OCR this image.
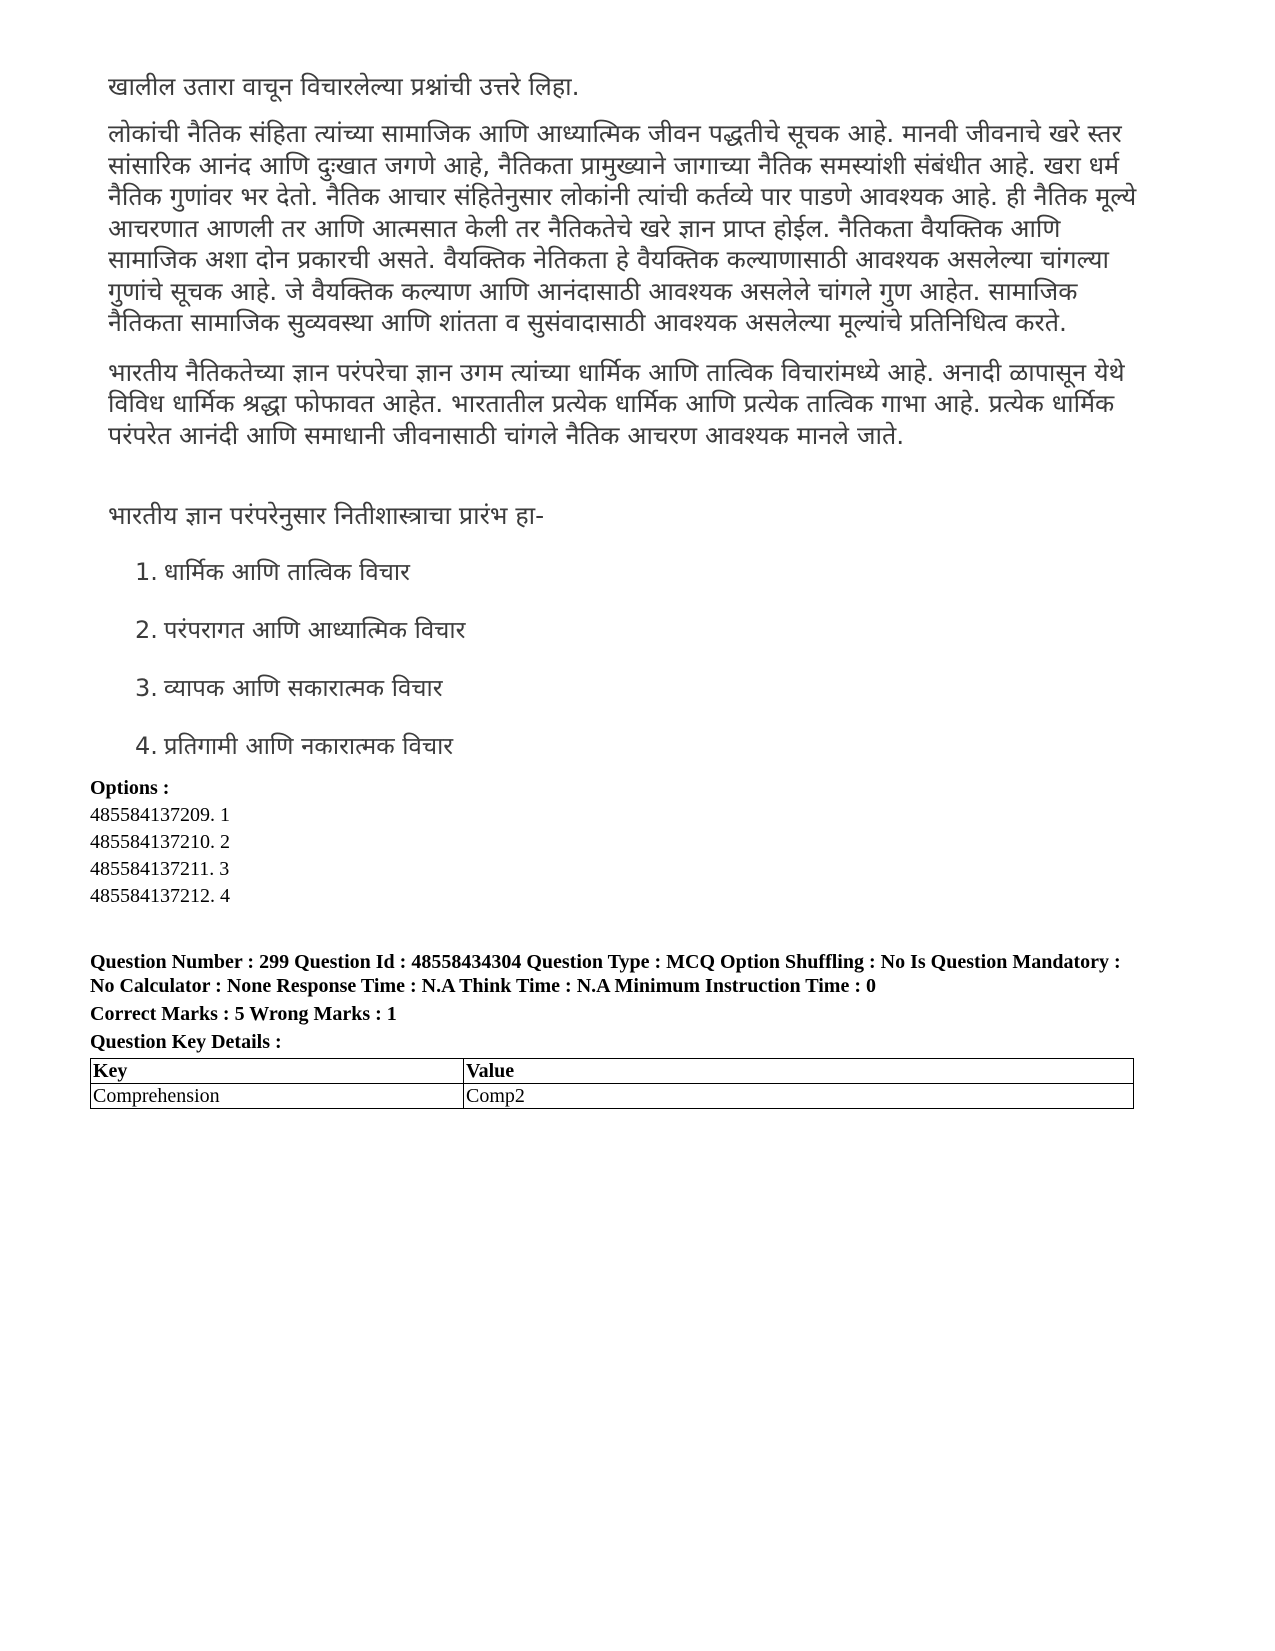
खालील उतारा वाचून विचारलेल्या प्रश्नांची उत्तरे लिहा.

लोकांची नैतिक संहिता त्यांच्या सामाजिक आणि आध्यात्मिक जीवन पद्धतीचे सूचक आहे. मानवी जीवनाचे खरे स्तर सांसारिक आनंद आणि दुःखात जगणे आहे, नैतिकता प्रामुख्याने जागाच्या नैतिक समस्यांशी संबंधीत आहे. खरा धर्म नैतिक गुणांवर भर देतो. नैतिक आचार संहितेनुसार लोकांनी त्यांची कर्तव्ये पार पाडणे आवश्यक आहे. ही नैतिक मूल्ये आचरणात आणली तर आणि आत्मसात केली तर नैतिकतेचे खरे ज्ञान प्राप्त होईल. नैतिकता वैयक्तिक आणि सामाजिक अशा दोन प्रकारची असते. वैयक्तिक नेतिकता हे वैयक्तिक कल्याणासाठी आवश्यक असलेल्या चांगल्या गुणांचे सूचक आहे. जे वैयक्तिक कल्याण आणि आनंदासाठी आवश्यक असलेले चांगले गुण आहेत. सामाजिक नैतिकता सामाजिक सुव्यवस्था आणि शांतता व सुसंवादासाठी आवश्यक असलेल्या मूल्यांचे प्रतिनिधित्व करते.

भारतीय नैतिकतेच्या ज्ञान परंपरेचा ज्ञान उगम त्यांच्या धार्मिक आणि तात्विक विचारांमध्ये आहे. अनादी ळापासून येथे विविध धार्मिक श्रद्धा फोफावत आहेत. भारतातील प्रत्येक धार्मिक आणि प्रत्येक तात्विक गाभा आहे. प्रत्येक धार्मिक परंपरेत आनंदी आणि समाधानी जीवनासाठी चांगले नैतिक आचरण आवश्यक मानले जाते.

भारतीय ज्ञान परंपरेनुसार नितीशास्त्राचा प्रारंभ हा-

1. धार्मिक आणि तात्विक विचार
2. परंपरागत आणि आध्यात्मिक विचार
3. व्यापक आणि सकारात्मक विचार
4. प्रतिगामी आणि नकारात्मक विचार
Options :
485584137209. 1
485584137210. 2
485584137211. 3
485584137212. 4
Question Number : 299 Question Id : 48558434304 Question Type : MCQ Option Shuffling : No Is Question Mandatory :
No Calculator : None Response Time : N.A Think Time : N.A Minimum Instruction Time : 0
Correct Marks : 5 Wrong Marks : 1
Question Key Details :
Key	Value
Comprehension	Comp2
